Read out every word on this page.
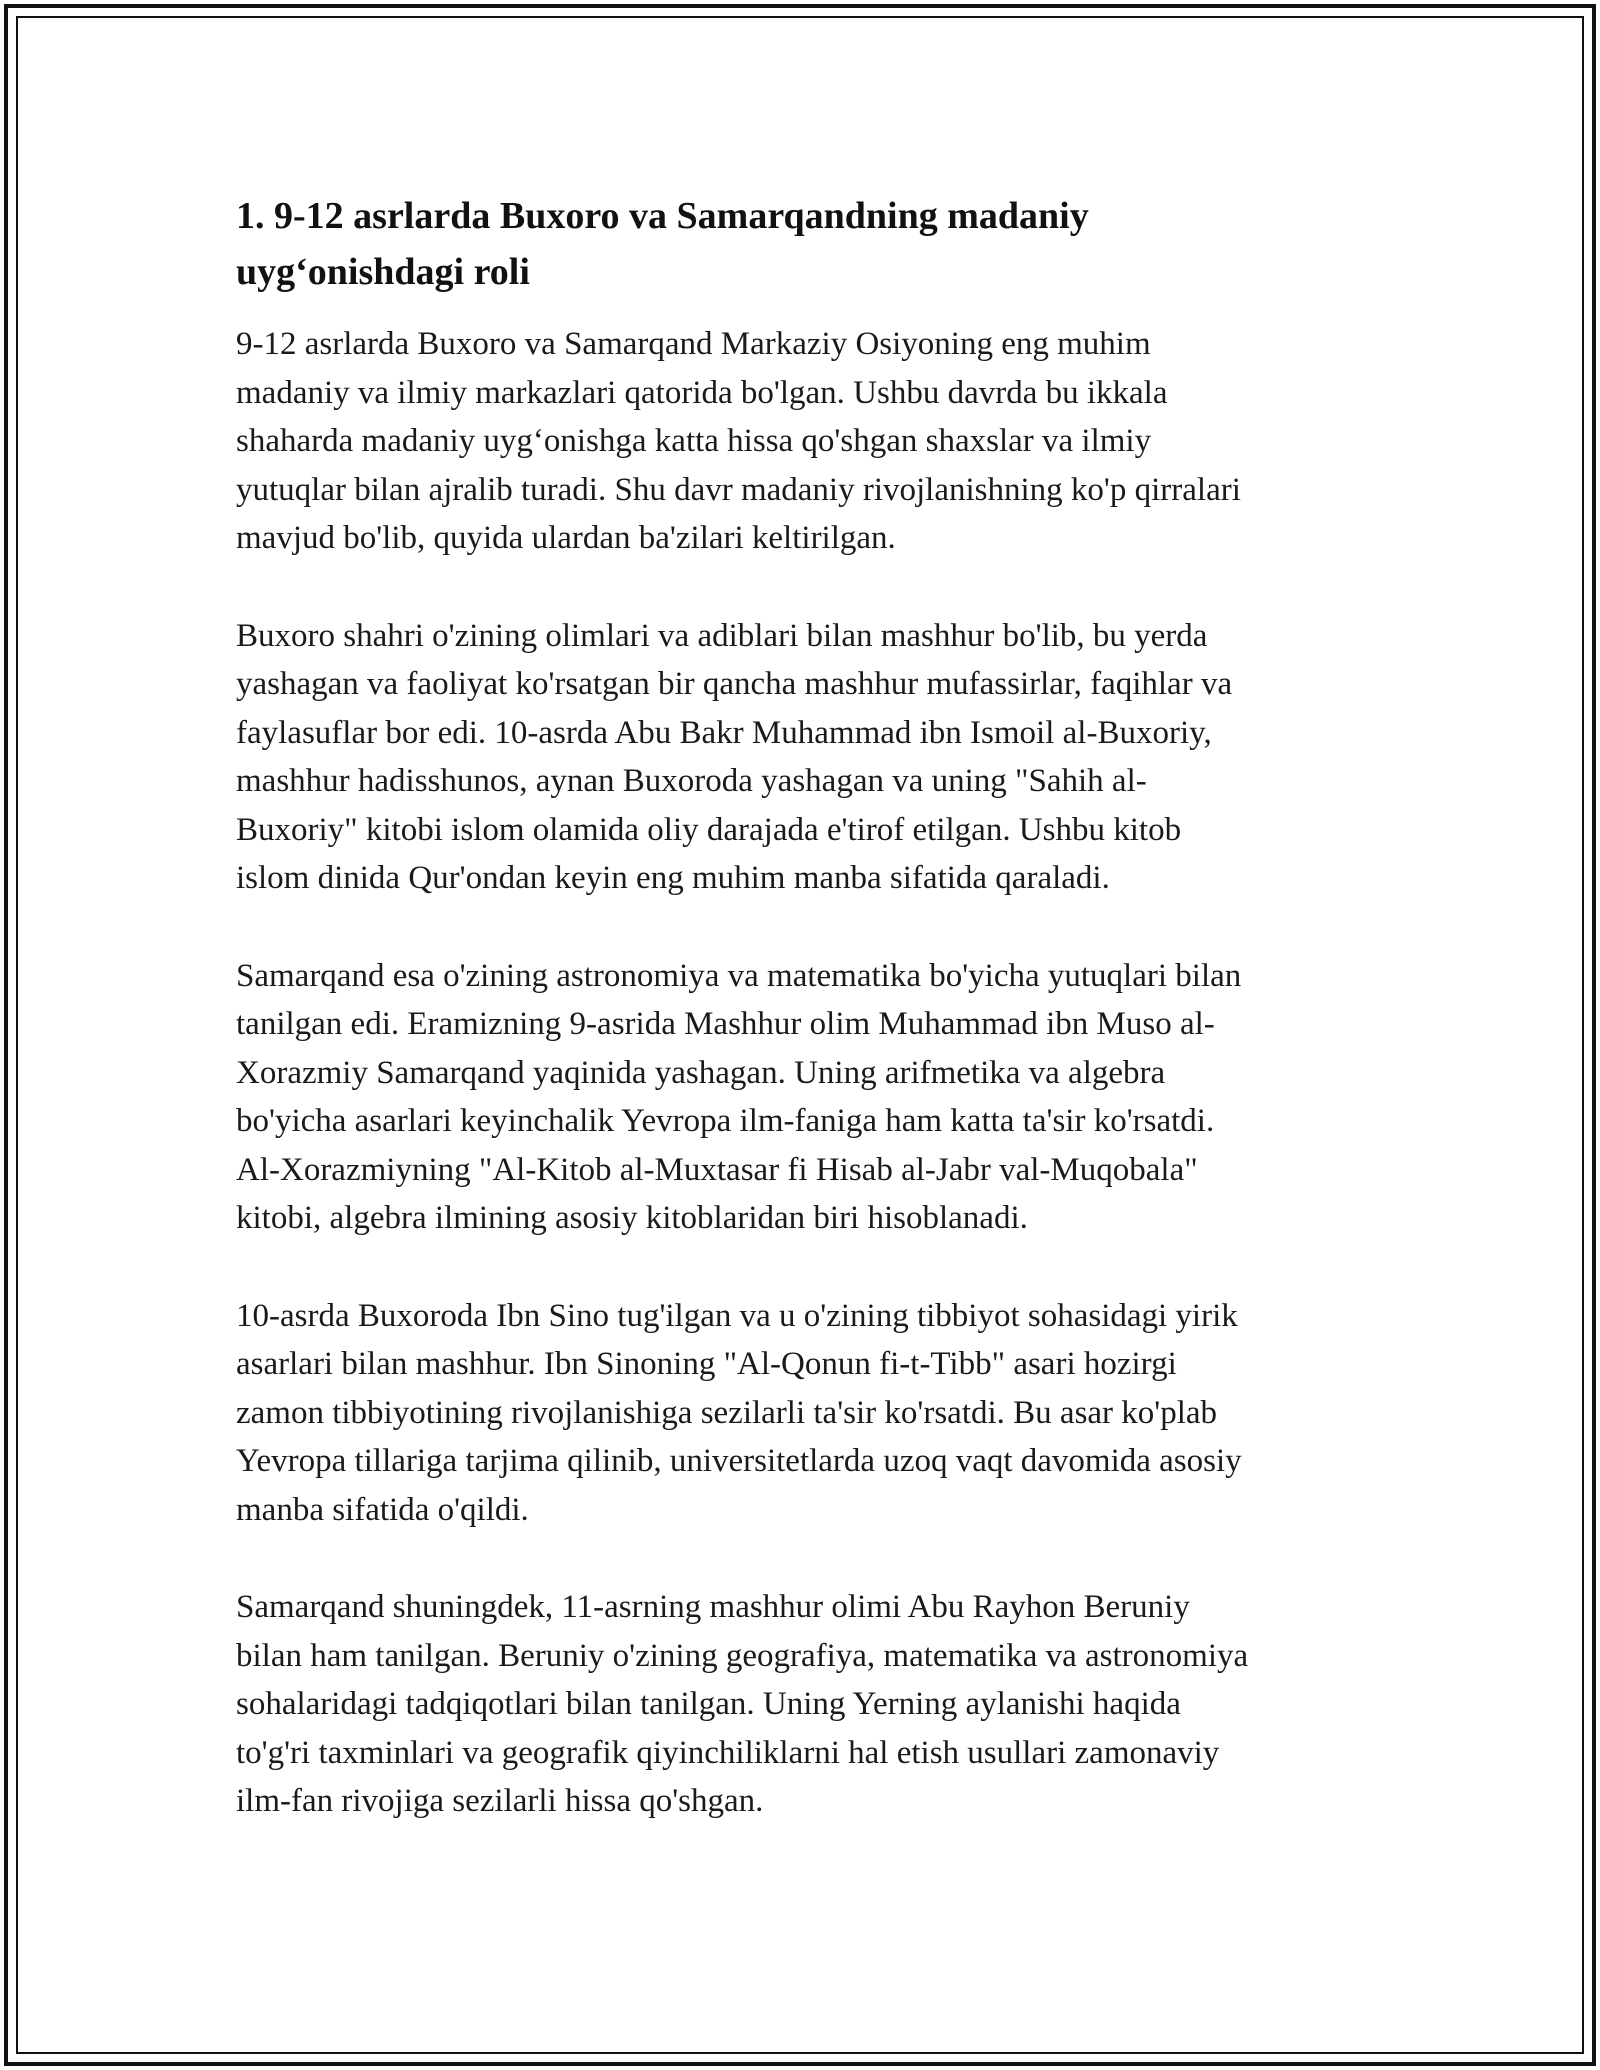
1. 9-12 asrlarda Buxoro va Samarqandning madaniy
uyg‘onishdagi roli

9-12 asrlarda Buxoro va Samarqand Markaziy Osiyoning eng muhim
madaniy va ilmiy markazlari qatorida bo'lgan. Ushbu davrda bu ikkala
shaharda madaniy uyg‘onishga katta hissa qo'shgan shaxslar va ilmiy
yutuqlar bilan ajralib turadi. Shu davr madaniy rivojlanishning ko'p qirralari
mavjud bo'lib, quyida ulardan ba'zilari keltirilgan.

Buxoro shahri o'zining olimlari va adiblari bilan mashhur bo'lib, bu yerda
yashagan va faoliyat ko'rsatgan bir qancha mashhur mufassirlar, faqihlar va
faylasuflar bor edi. 10-asrda Abu Bakr Muhammad ibn Ismoil al-Buxoriy,
mashhur hadisshunos, aynan Buxoroda yashagan va uning "Sahih al-
Buxoriy" kitobi islom olamida oliy darajada e'tirof etilgan. Ushbu kitob
islom dinida Qur'ondan keyin eng muhim manba sifatida qaraladi.

Samarqand esa o'zining astronomiya va matematika bo'yicha yutuqlari bilan
tanilgan edi. Eramizning 9-asrida Mashhur olim Muhammad ibn Muso al-
Xorazmiy Samarqand yaqinida yashagan. Uning arifmetika va algebra
bo'yicha asarlari keyinchalik Yevropa ilm-faniga ham katta ta'sir ko'rsatdi.
Al-Xorazmiyning "Al-Kitob al-Muxtasar fi Hisab al-Jabr val-Muqobala"
kitobi, algebra ilmining asosiy kitoblaridan biri hisoblanadi.

10-asrda Buxoroda Ibn Sino tug'ilgan va u o'zining tibbiyot sohasidagi yirik
asarlari bilan mashhur. Ibn Sinoning "Al-Qonun fi-t-Tibb" asari hozirgi
zamon tibbiyotining rivojlanishiga sezilarli ta'sir ko'rsatdi. Bu asar ko'plab
Yevropa tillariga tarjima qilinib, universitetlarda uzoq vaqt davomida asosiy
manba sifatida o'qildi.

Samarqand shuningdek, 11-asrning mashhur olimi Abu Rayhon Beruniy
bilan ham tanilgan. Beruniy o'zining geografiya, matematika va astronomiya
sohalaridagi tadqiqotlari bilan tanilgan. Uning Yerning aylanishi haqida
to'g'ri taxminlari va geografik qiyinchiliklarni hal etish usullari zamonaviy
ilm-fan rivojiga sezilarli hissa qo'shgan.
